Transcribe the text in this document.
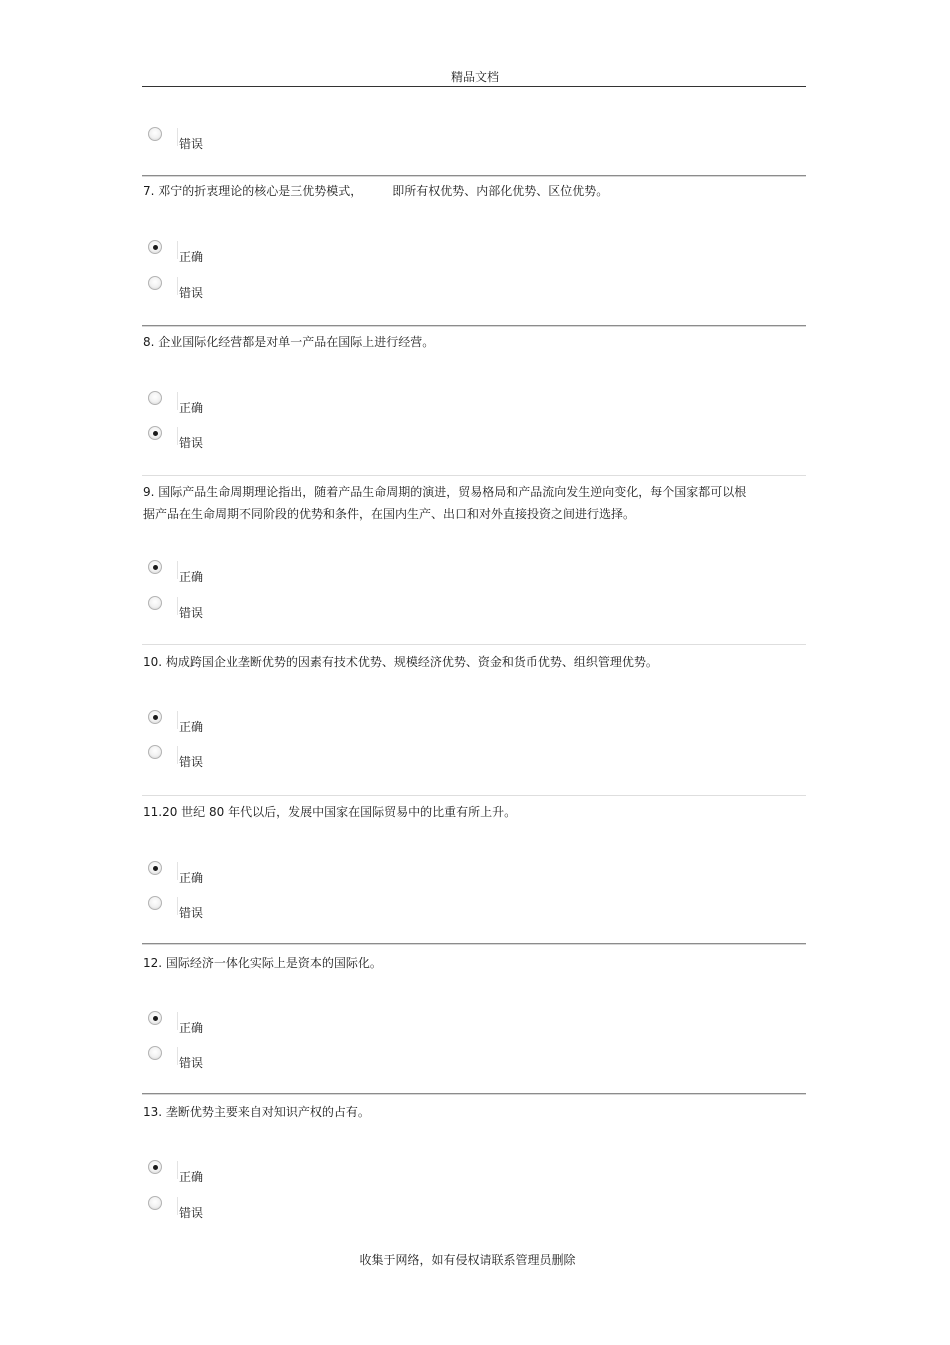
精品文档
错误
7. 邓宁的折衷理论的核心是三优势模式，　　　即所有权优势、内部化优势、区位优势。
正确
错误
8. 企业国际化经营都是对单一产品在国际上进行经营。
正确
错误
9. 国际产品生命周期理论指出，随着产品生命周期的演进，贸易格局和产品流向发生逆向变化，每个国家都可以根据产品在生命周期不同阶段的优势和条件，在国内生产、出口和对外直接投资之间进行选择。
正确
错误
10. 构成跨国企业垄断优势的因素有技术优势、规模经济优势、资金和货币优势、组织管理优势。
正确
错误
11.20 世纪 80 年代以后，发展中国家在国际贸易中的比重有所上升。
正确
错误
12. 国际经济一体化实际上是资本的国际化。
正确
错误
13. 垄断优势主要来自对知识产权的占有。
正确
错误
收集于网络，如有侵权请联系管理员删除
